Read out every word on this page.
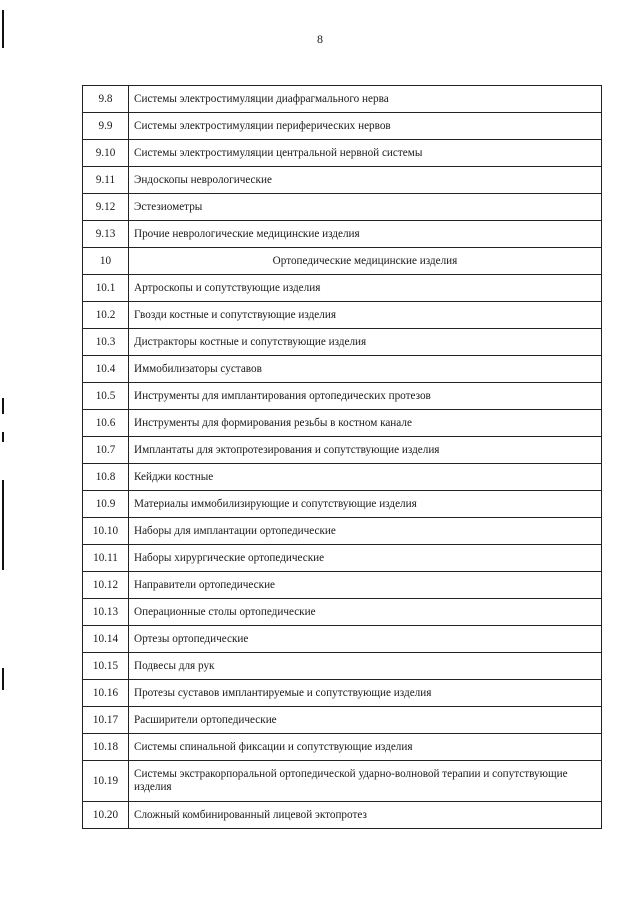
8
9.8	Системы электростимуляции диафрагмального нерва
9.9	Системы электростимуляции периферических нервов
9.10	Системы электростимуляции центральной нервной системы
9.11	Эндоскопы неврологические
9.12	Эстезиометры
9.13	Прочие неврологические медицинские изделия
10	Ортопедические медицинские изделия
10.1	Артроскопы и сопутствующие изделия
10.2	Гвозди костные и сопутствующие изделия
10.3	Дистракторы костные и сопутствующие изделия
10.4	Иммобилизаторы суставов
10.5	Инструменты для имплантирования ортопедических протезов
10.6	Инструменты для формирования резьбы в костном канале
10.7	Имплантаты для эктопротезирования и сопутствующие изделия
10.8	Кейджи костные
10.9	Материалы иммобилизирующие и сопутствующие изделия
10.10	Наборы для имплантации ортопедические
10.11	Наборы хирургические ортопедические
10.12	Направители ортопедические
10.13	Операционные столы ортопедические
10.14	Ортезы ортопедические
10.15	Подвесы для рук
10.16	Протезы суставов имплантируемые и сопутствующие изделия
10.17	Расширители ортопедические
10.18	Системы спинальной фиксации и сопутствующие изделия
10.19	Системы экстракорпоральной ортопедической ударно-волновой терапии и сопутствующие изделия
10.20	Сложный комбинированный лицевой эктопротез
